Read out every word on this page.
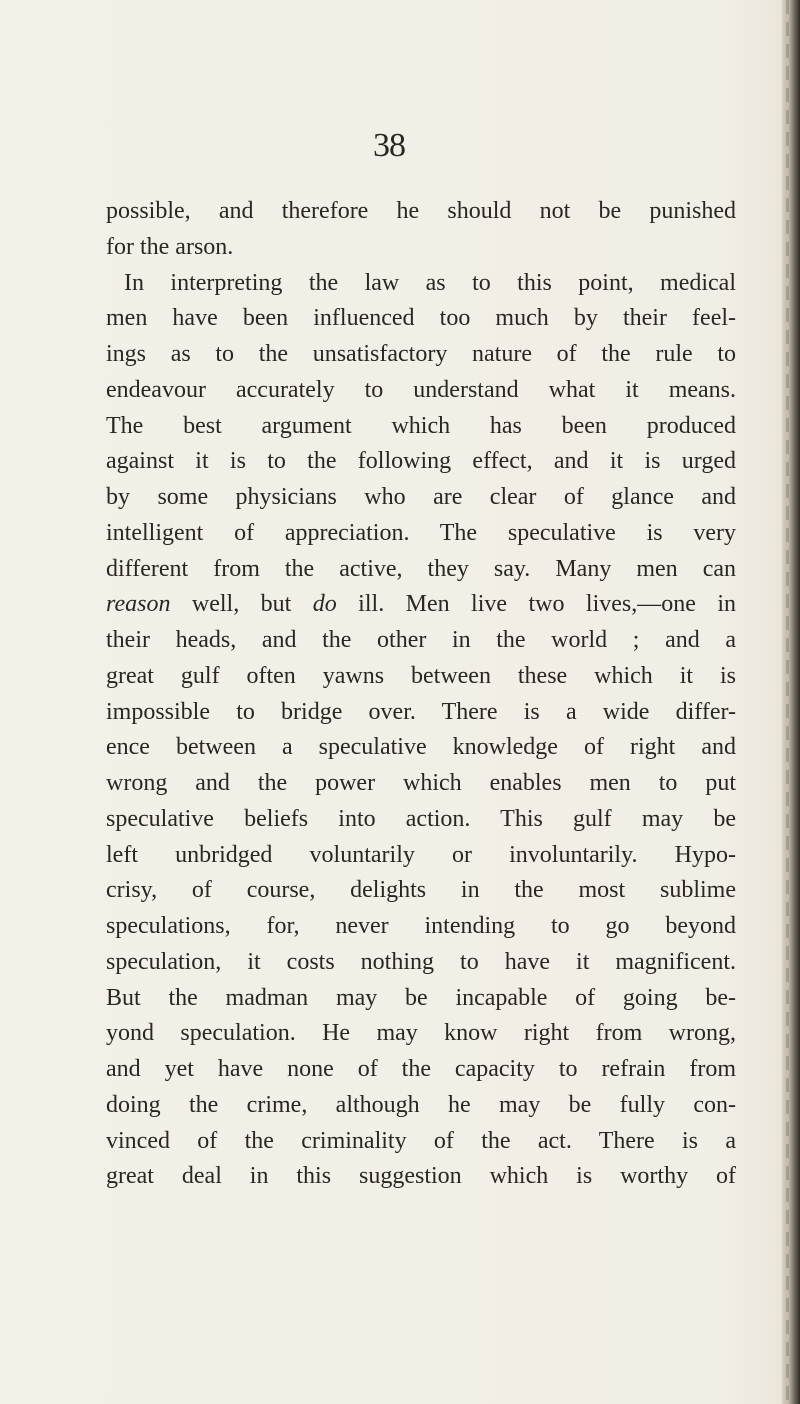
38
possible, and therefore he should not be punished
for the arson.
In interpreting the law as to this point, medical
men have been influenced too much by their feel-
ings as to the unsatisfactory nature of the rule to
endeavour accurately to understand what it means.
The best argument which has been produced
against it is to the following effect, and it is urged
by some physicians who are clear of glance and
intelligent of appreciation. The speculative is very
different from the active, they say. Many men can
reason well, but do ill. Men live two lives,—one in
their heads, and the other in the world ; and a
great gulf often yawns between these which it is
impossible to bridge over. There is a wide differ-
ence between a speculative knowledge of right and
wrong and the power which enables men to put
speculative beliefs into action. This gulf may be
left unbridged voluntarily or involuntarily. Hypo-
crisy, of course, delights in the most sublime
speculations, for, never intending to go beyond
speculation, it costs nothing to have it magnificent.
But the madman may be incapable of going be-
yond speculation. He may know right from wrong,
and yet have none of the capacity to refrain from
doing the crime, although he may be fully con-
vinced of the criminality of the act. There is a
great deal in this suggestion which is worthy of
